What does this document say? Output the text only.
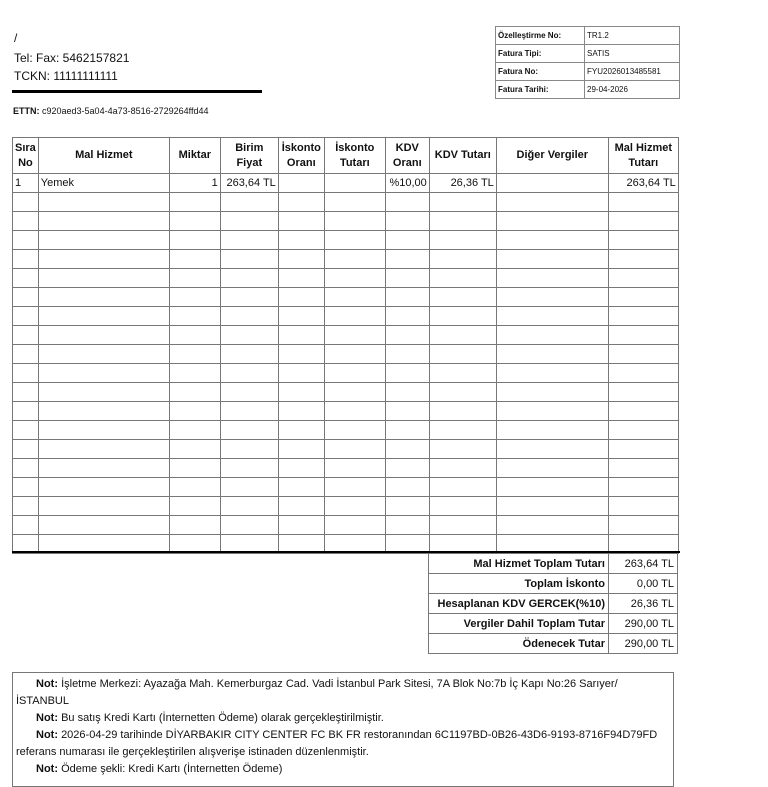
/
Tel: Fax: 5462157821
TCKN: 11111111111
ETTN: c920aed3-5a04-4a73-8516-2729264ffd44
Özelleştirme No:	TR1.2
Fatura Tipi:	SATIS
Fatura No:	FYU2026013485581
Fatura Tarihi:	29-04-2026
Sıra No	Mal Hizmet	Miktar	Birim Fiyat	İskonto Oranı	İskonto Tutarı	KDV Oranı	KDV Tutarı	Diğer Vergiler	Mal Hizmet Tutarı
1	Yemek	1	263,64 TL			%10,00	26,36 TL		263,64 TL

Mal Hizmet Toplam Tutarı	263,64 TL
Toplam İskonto	0,00 TL
Hesaplanan KDV GERCEK(%10)	26,36 TL
Vergiler Dahil Toplam Tutar	290,00 TL
Ödenecek Tutar	290,00 TL

Not: İşletme Merkezi: Ayazağa Mah. Kemerburgaz Cad. Vadi İstanbul Park Sitesi, 7A Blok No:7b İç Kapı No:26 Sarıyer/ İSTANBUL

Not: Bu satış Kredi Kartı (İnternetten Ödeme) olarak gerçekleştirilmiştir.

Not: 2026-04-29 tarihinde DİYARBAKIR CITY CENTER FC BK FR restoranından 6C1197BD-0B26-43D6-9193-8716F94D79FD referans numarası ile gerçekleştirilen alışverişe istinaden düzenlenmiştir.

Not: Ödeme şekli: Kredi Kartı (İnternetten Ödeme)
